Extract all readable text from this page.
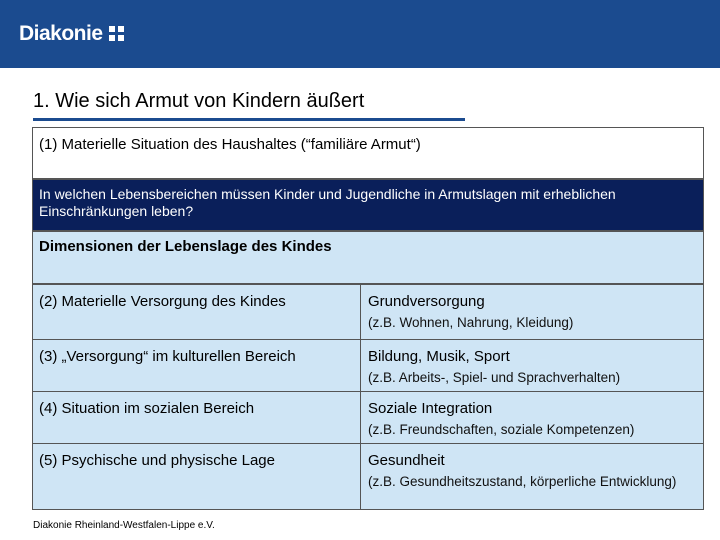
Diakonie
1. Wie sich Armut von Kindern äußert
(1) Materielle Situation des Haushaltes (“familiäre Armut“)
In welchen Lebensbereichen müssen Kinder und Jugendliche in Armutslagen mit erheblichen Einschränkungen leben?
Dimensionen der Lebenslage des Kindes
(2) Materielle Versorgung des Kindes	Grundversorgung
(z.B. Wohnen, Nahrung, Kleidung)
(3) „Versorgung“ im kulturellen Bereich	Bildung, Musik, Sport
(z.B. Arbeits-, Spiel- und Sprachverhalten)
(4) Situation im sozialen Bereich	Soziale Integration
(z.B. Freundschaften, soziale Kompetenzen)
(5) Psychische und physische Lage	Gesundheit
(z.B. Gesundheitszustand, körperliche Entwicklung)
Diakonie Rheinland-Westfalen-Lippe e.V.
